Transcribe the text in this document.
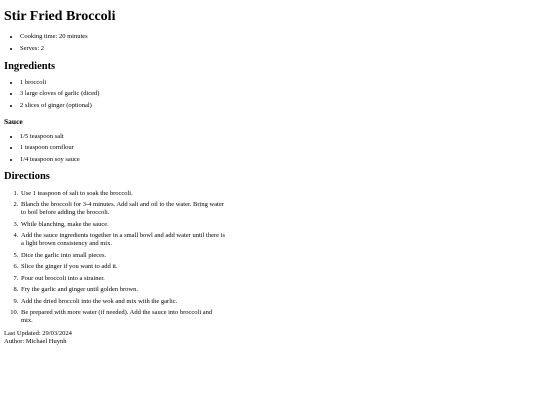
Stir Fried Broccoli
• Cooking time: 20 minutes
• Serves: 2
Ingredients
• 1 broccoli
• 3 large cloves of garlic (diced)
• 2 slices of ginger (optional)
Sauce
• 1/5 teaspoon salt
• 1 teaspoon cornflour
• 1/4 teaspoon soy sauce
Directions
1. Use 1 teaspoon of salt to soak the broccoli.
2. Blanch the broccoli for 3-4 minutes. Add salt and oil to the water. Bring water to boil before adding the broccoli.
3. While blanching, make the sauce.
4. Add the sauce ingredients together in a small bowl and add water until there is a light brown consistency and mix.
5. Dice the garlic into small pieces.
6. Slice the ginger if you want to add it.
7. Pour out broccoli into a strainer.
8. Fry the garlic and ginger until golden brown.
9. Add the dried broccoli into the wok and mix with the garlic.
10. Be prepared with more water (if needed). Add the sauce into broccoli and mix.
Last Updated: 29/03/2024
Author: Michael Huynh
